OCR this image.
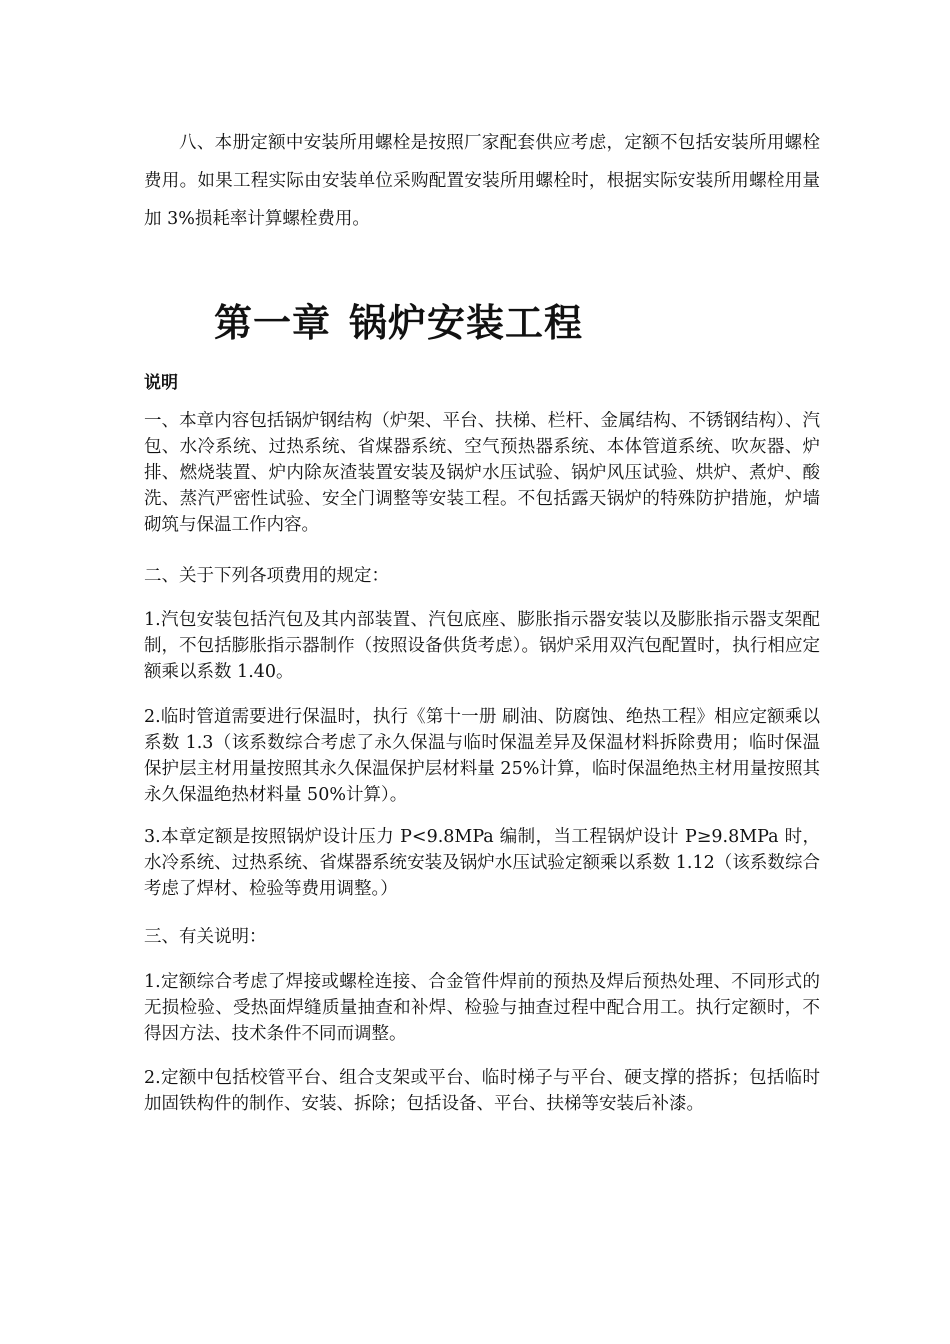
八、本册定额中安装所用螺栓是按照厂家配套供应考虑，定额不包括安装所用螺栓费用。如果工程实际由安装单位采购配置安装所用螺栓时，根据实际安装所用螺栓用量加 3%损耗率计算螺栓费用。

第一章 锅炉安装工程

说明

一、本章内容包括锅炉钢结构（炉架、平台、扶梯、栏杆、金属结构、不锈钢结构）、汽包、水冷系统、过热系统、省煤器系统、空气预热器系统、本体管道系统、吹灰器、炉排、燃烧装置、炉内除灰渣装置安装及锅炉水压试验、锅炉风压试验、烘炉、煮炉、酸洗、蒸汽严密性试验、安全门调整等安装工程。不包括露天锅炉的特殊防护措施，炉墙砌筑与保温工作内容。

二、关于下列各项费用的规定：

1.汽包安装包括汽包及其内部装置、汽包底座、膨胀指示器安装以及膨胀指示器支架配制，不包括膨胀指示器制作（按照设备供货考虑）。锅炉采用双汽包配置时，执行相应定额乘以系数 1.40。

2.临时管道需要进行保温时，执行《第十一册 刷油、防腐蚀、绝热工程》相应定额乘以系数 1.3（该系数综合考虑了永久保温与临时保温差异及保温材料拆除费用；临时保温保护层主材用量按照其永久保温保护层材料量 25%计算，临时保温绝热主材用量按照其永久保温绝热材料量 50%计算）。

3.本章定额是按照锅炉设计压力 P<9.8MPa 编制，当工程锅炉设计 P≥9.8MPa 时，水冷系统、过热系统、省煤器系统安装及锅炉水压试验定额乘以系数 1.12（该系数综合考虑了焊材、检验等费用调整。）

三、有关说明：

1.定额综合考虑了焊接或螺栓连接、合金管件焊前的预热及焊后预热处理、不同形式的无损检验、受热面焊缝质量抽查和补焊、检验与抽查过程中配合用工。执行定额时，不得因方法、技术条件不同而调整。

2.定额中包括校管平台、组合支架或平台、临时梯子与平台、硬支撑的搭拆；包括临时加固铁构件的制作、安装、拆除；包括设备、平台、扶梯等安装后补漆。
